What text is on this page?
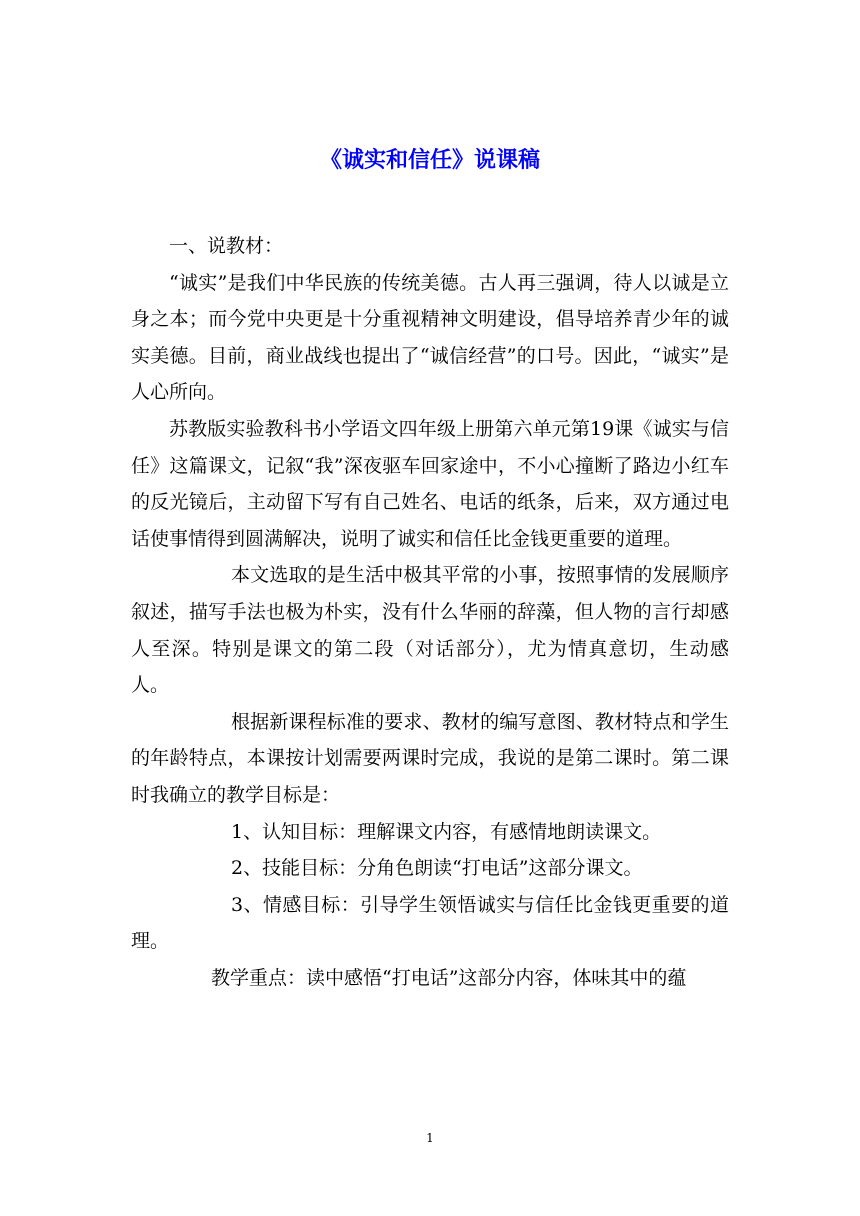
《诚实和信任》说课稿

一、说教材：

“诚实”是我们中华民族的传统美德。古人再三强调，待人以诚是立身之本；而今党中央更是十分重视精神文明建设，倡导培养青少年的诚实美德。目前，商业战线也提出了“诚信经营”的口号。因此，“诚实”是人心所向。

苏教版实验教科书小学语文四年级上册第六单元第19课《诚实与信任》这篇课文，记叙“我”深夜驱车回家途中，不小心撞断了路边小红车的反光镜后，主动留下写有自己姓名、电话的纸条，后来，双方通过电话使事情得到圆满解决，说明了诚实和信任比金钱更重要的道理。

本文选取的是生活中极其平常的小事，按照事情的发展顺序叙述，描写手法也极为朴实，没有什么华丽的辞藻，但人物的言行却感人至深。特别是课文的第二段（对话部分），尤为情真意切，生动感人。

根据新课程标准的要求、教材的编写意图、教材特点和学生的年龄特点，本课按计划需要两课时完成，我说的是第二课时。第二课时我确立的教学目标是：

1、认知目标：理解课文内容，有感情地朗读课文。

2、技能目标：分角色朗读“打电话”这部分课文。

3、情感目标：引导学生领悟诚实与信任比金钱更重要的道理。

教学重点：读中感悟“打电话”这部分内容，体味其中的蕴

1
